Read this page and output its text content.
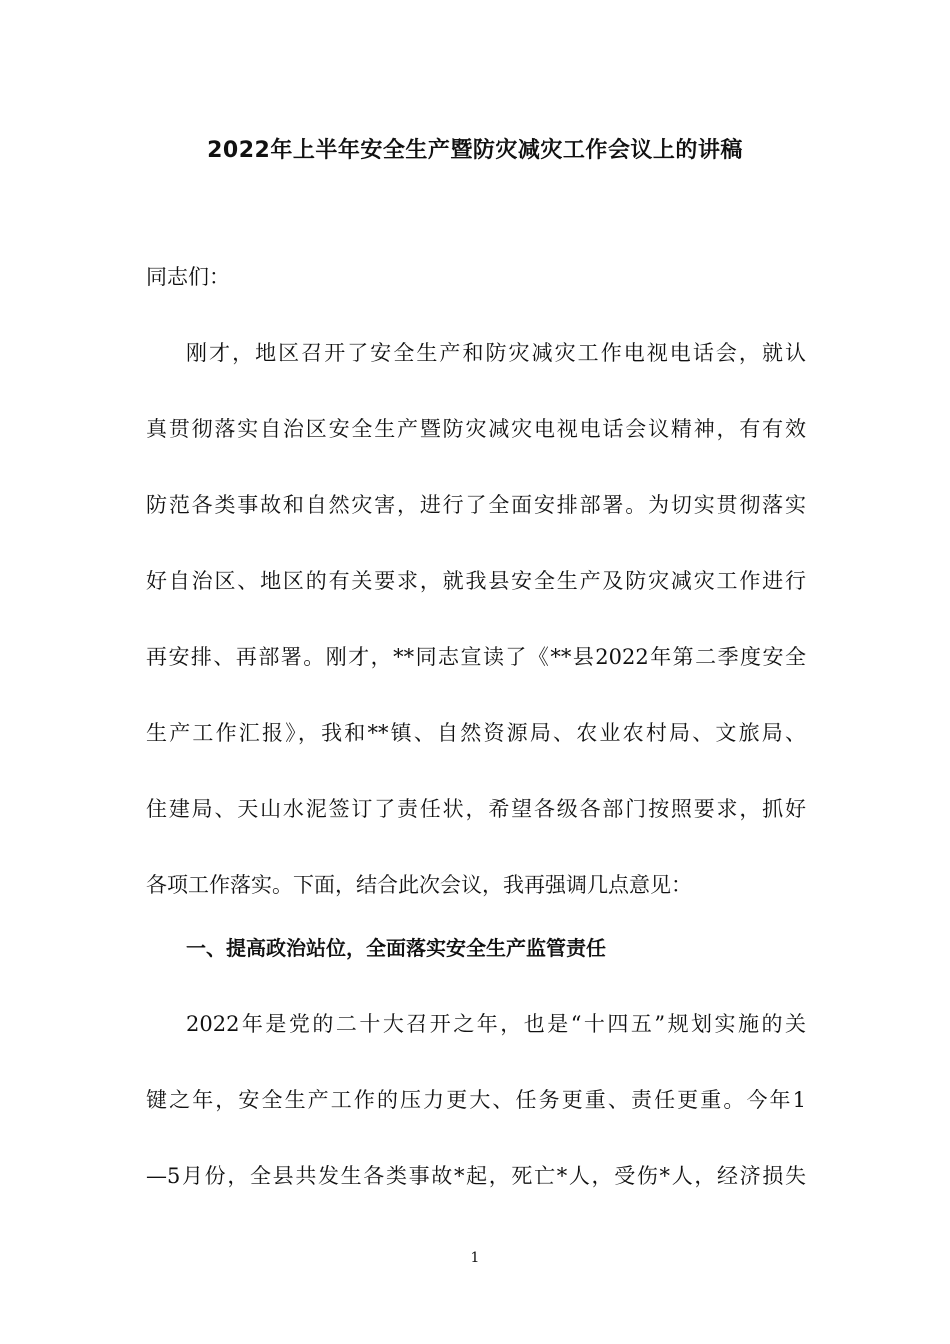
2022年上半年安全生产暨防灾减灾工作会议上的讲稿
同志们：
刚才，地区召开了安全生产和防灾减灾工作电视电话会，就认
真贯彻落实自治区安全生产暨防灾减灾电视电话会议精神，有有效
防范各类事故和自然灾害，进行了全面安排部署。为切实贯彻落实
好自治区、地区的有关要求，就我县安全生产及防灾减灾工作进行
再安排、再部署。刚才，**同志宣读了《**县2022年第二季度安全
生产工作汇报》，我和**镇、自然资源局、农业农村局、文旅局、
住建局、天山水泥签订了责任状，希望各级各部门按照要求，抓好
各项工作落实。下面，结合此次会议，我再强调几点意见：
一、提高政治站位，全面落实安全生产监管责任
2022年是党的二十大召开之年，也是“十四五”规划实施的关
键之年，安全生产工作的压力更大、任务更重、责任更重。今年1
—5月份，全县共发生各类事故*起，死亡*人，受伤*人，经济损失
1
